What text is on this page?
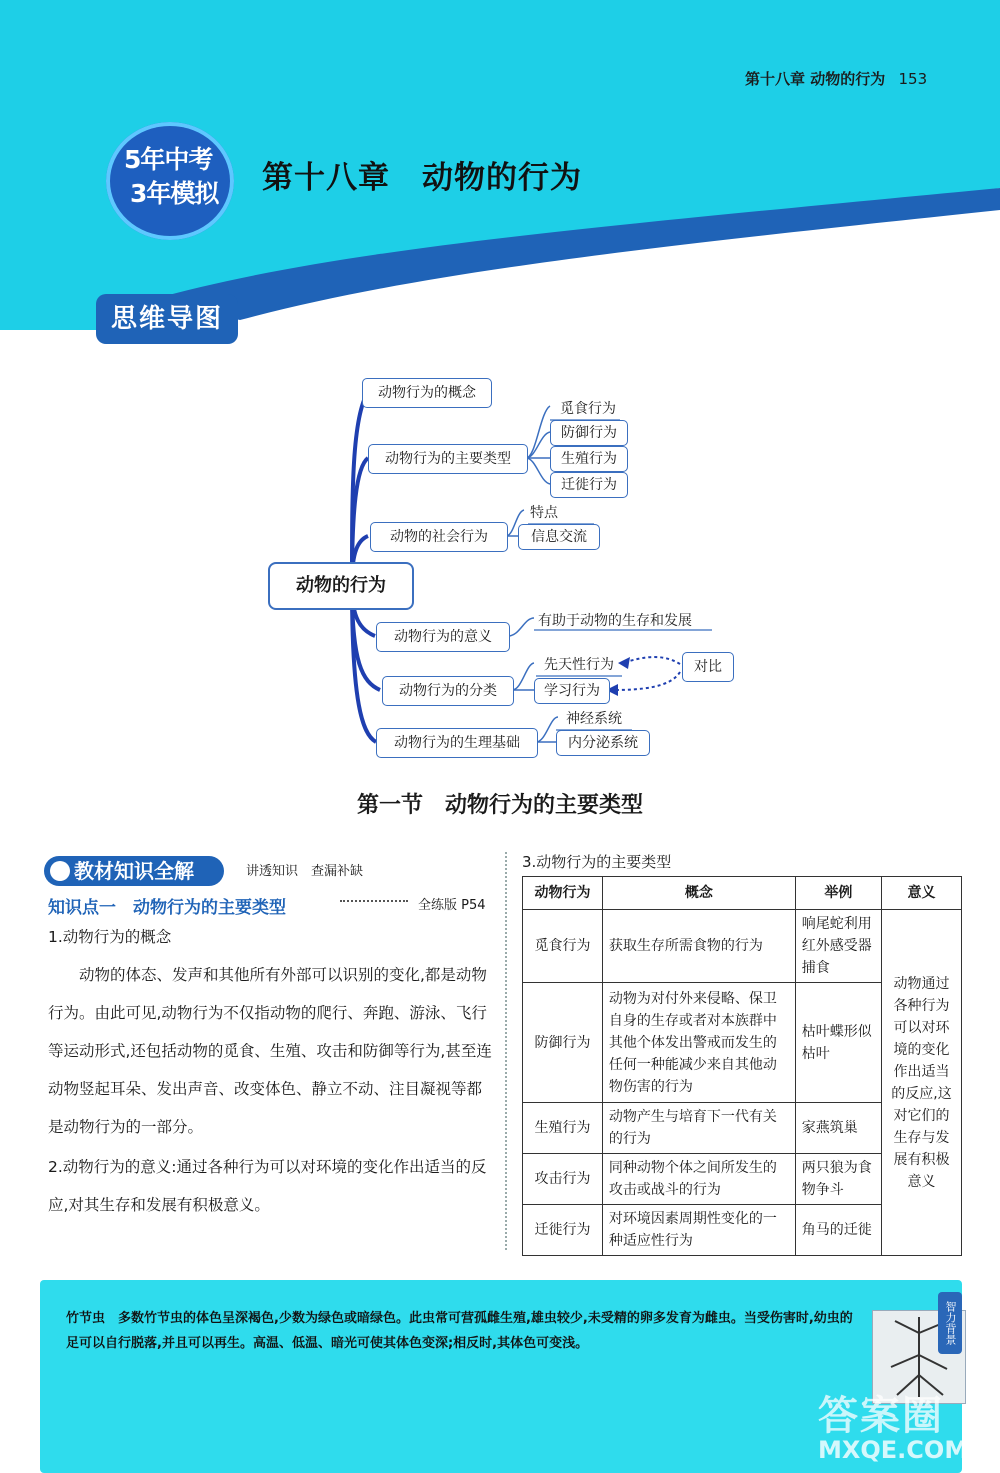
第十八章 动物的行为 153
5年中考
3年模拟 第十八章　动物的行为
思维导图
动物的行为
动物行为的概念
动物行为的主要类型
觅食行为
防御行为
生殖行为
迁徙行为
动物的社会行为
特点
信息交流
动物行为的意义
有助于动物的生存和发展
动物行为的分类
先天性行为
学习行为
对比
动物行为的生理基础
神经系统
内分泌系统
第一节　动物行为的主要类型
教材知识全解	讲透知识　查漏补缺
知识点一　动物行为的主要类型	全练版 P54
1.动物行为的概念
动物的体态、发声和其他所有外部可以识别的变化,都是动物行为。由此可见,动物行为不仅指动物的爬行、奔跑、游泳、飞行等运动形式,还包括动物的觅食、生殖、攻击和防御等行为,甚至连动物竖起耳朵、发出声音、改变体色、静立不动、注目凝视等都是动物行为的一部分。
2.动物行为的意义:通过各种行为可以对环境的变化作出适当的反应,对其生存和发展有积极意义。
3.动物行为的主要类型
动物行为	概念	举例	意义
觅食行为	获取生存所需食物的行为	响尾蛇利用红外感受器捕食	动物通过各种行为可以对环境的变化作出适当的反应,这对它们的生存与发展有积极意义
防御行为	动物为对付外来侵略、保卫自身的生存或者对本族群中其他个体发出警戒而发生的任何一种能减少来自其他动物伤害的行为	枯叶蝶形似枯叶	
生殖行为	动物产生与培育下一代有关的行为	家燕筑巢	
攻击行为	同种动物个体之间所发生的攻击或战斗的行为	两只狼为食物争斗	
迁徙行为	对环境因素周期性变化的一种适应性行为	角马的迁徙	
竹节虫　多数竹节虫的体色呈深褐色,少数为绿色或暗绿色。此虫常可营孤雌生殖,雄虫较少,未受精的卵多发育为雌虫。当受伤害时,幼虫的足可以自行脱落,并且可以再生。高温、低温、暗光可使其体色变深;相反时,其体色可变浅。	智力背景
答案圈
MXQE.COM
